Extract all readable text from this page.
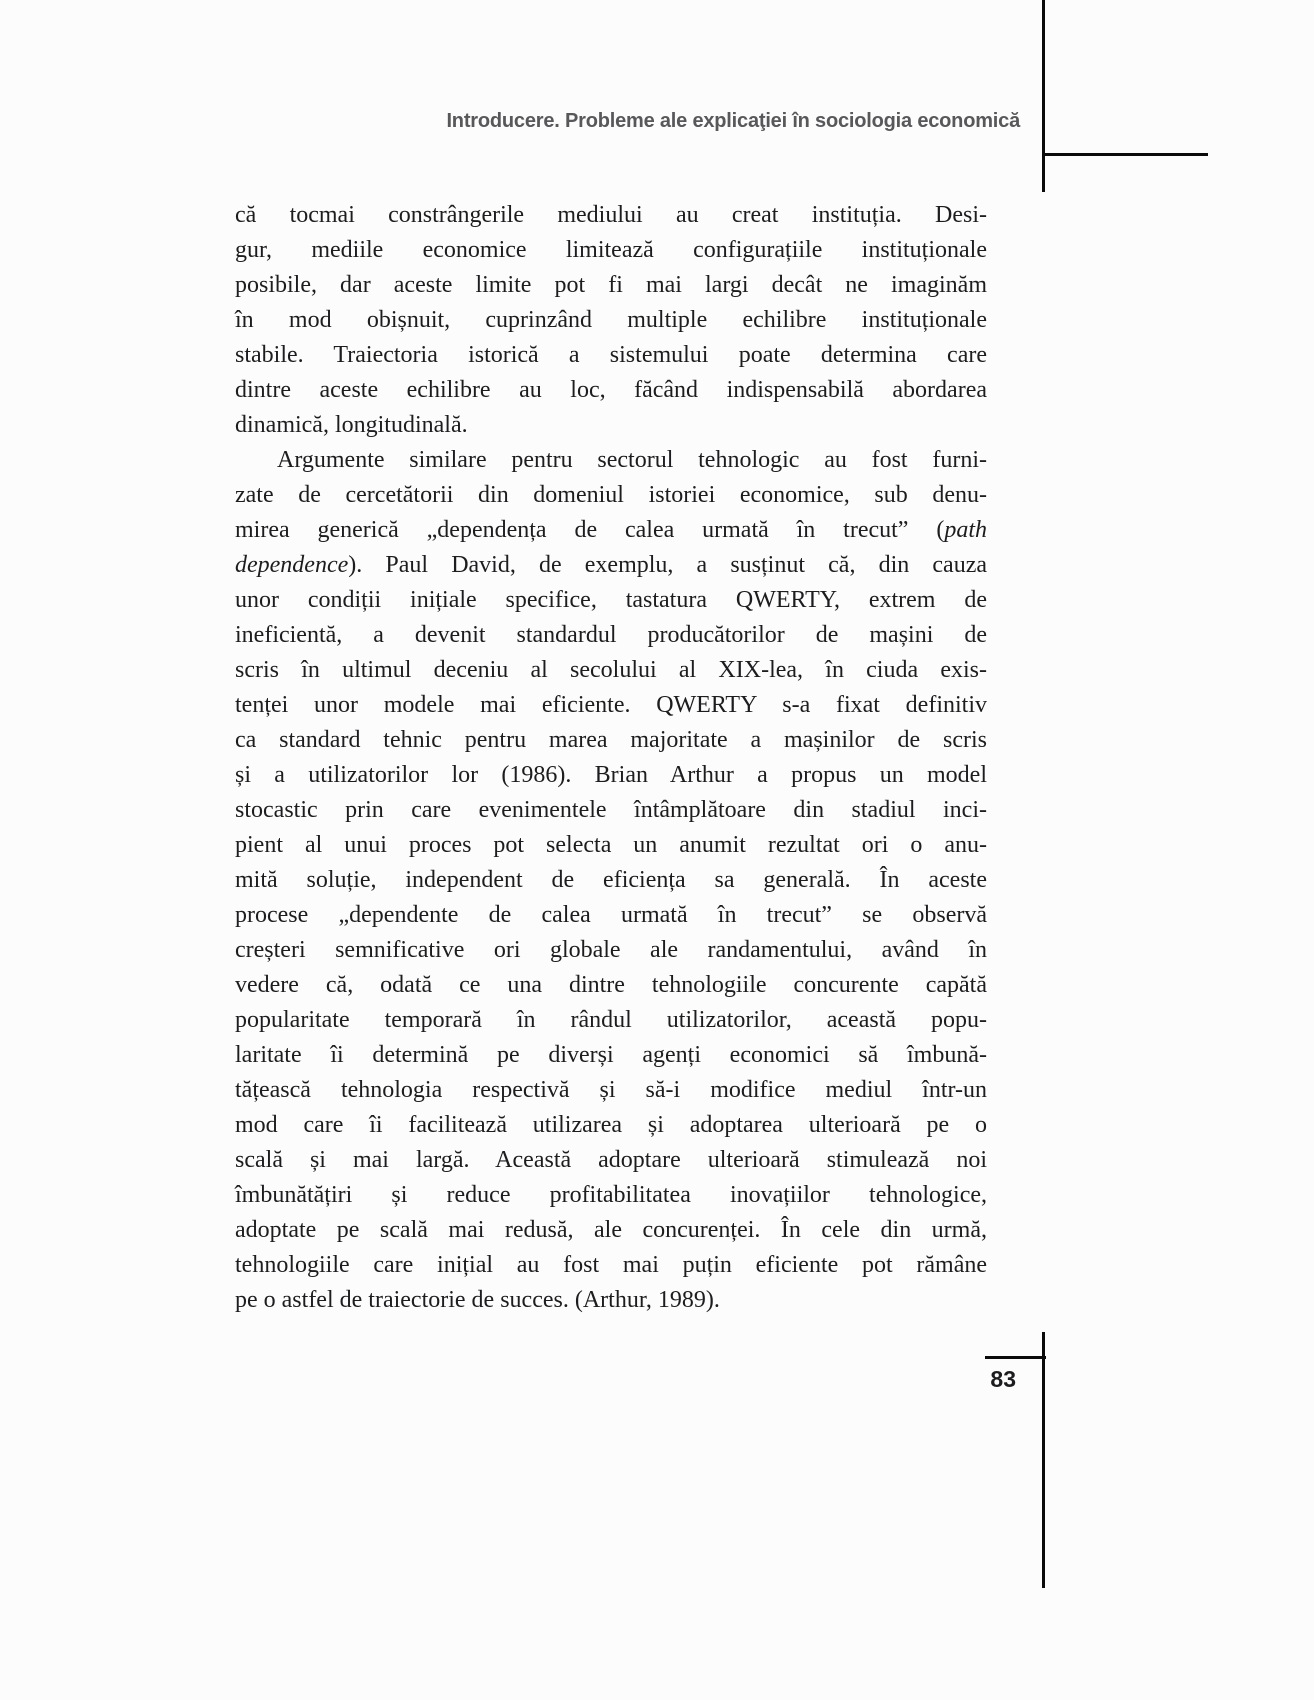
Introducere. Probleme ale explicaţiei în sociologia economică
că tocmai constrângerile mediului au creat instituția. Desi-
gur, mediile economice limitează configurațiile instituționale
posibile, dar aceste limite pot fi mai largi decât ne imaginăm
în mod obișnuit, cuprinzând multiple echilibre instituționale
stabile. Traiectoria istorică a sistemului poate determina care
dintre aceste echilibre au loc, făcând indispensabilă abordarea
dinamică, longitudinală.
Argumente similare pentru sectorul tehnologic au fost furni-
zate de cercetătorii din domeniul istoriei economice, sub denu-
mirea generică „dependența de calea urmată în trecut” (path
dependence). Paul David, de exemplu, a susținut că, din cauza
unor condiții inițiale specifice, tastatura QWERTY, extrem de
ineficientă, a devenit standardul producătorilor de mașini de
scris în ultimul deceniu al secolului al XIX-lea, în ciuda exis-
tenței unor modele mai eficiente. QWERTY s-a fixat definitiv
ca standard tehnic pentru marea majoritate a mașinilor de scris
și a utilizatorilor lor (1986). Brian Arthur a propus un model
stocastic prin care evenimentele întâmplătoare din stadiul inci-
pient al unui proces pot selecta un anumit rezultat ori o anu-
mită soluție, independent de eficiența sa generală. În aceste
procese „dependente de calea urmată în trecut” se observă
creșteri semnificative ori globale ale randamentului, având în
vedere că, odată ce una dintre tehnologiile concurente capătă
popularitate temporară în rândul utilizatorilor, această popu-
laritate îi determină pe diverși agenți economici să îmbună-
tățească tehnologia respectivă și să-i modifice mediul într-un
mod care îi facilitează utilizarea și adoptarea ulterioară pe o
scală și mai largă. Această adoptare ulterioară stimulează noi
îmbunătățiri și reduce profitabilitatea inovațiilor tehnologice,
adoptate pe scală mai redusă, ale concurenței. În cele din urmă,
tehnologiile care inițial au fost mai puțin eficiente pot rămâne
pe o astfel de traiectorie de succes. (Arthur, 1989).
83
